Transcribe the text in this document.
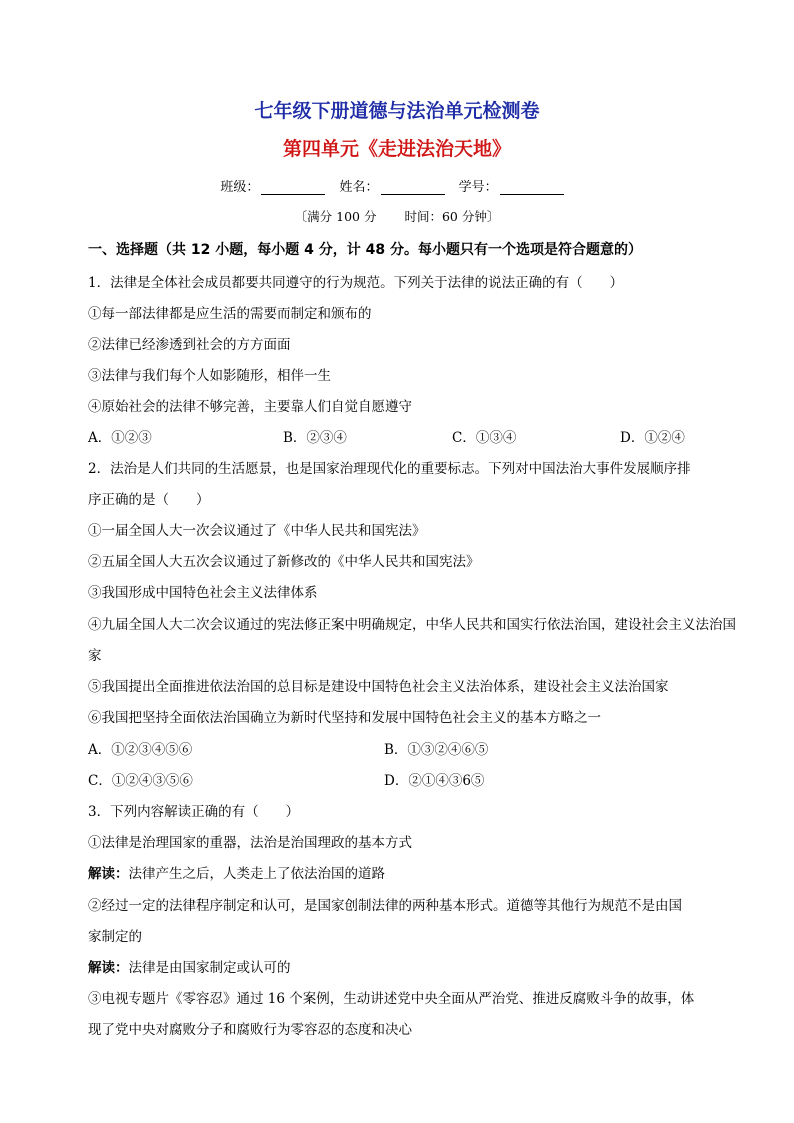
七年级下册道德与法治单元检测卷
第四单元《走进法治天地》
班级：	姓名：	学号：
〔满分 100 分 时间：60 分钟〕
一、选择题（共 12 小题，每小题 4 分，计 48 分。每小题只有一个选项是符合题意的）
1．法律是全体社会成员都要共同遵守的行为规范。下列关于法律的说法正确的有（　　）
①每一部法律都是应生活的需要而制定和颁布的
②法律已经渗透到社会的方方面面
③法律与我们每个人如影随形，相伴一生
④原始社会的法律不够完善，主要靠人们自觉自愿遵守
A．①②③	B．②③④	C．①③④	D．①②④
2．法治是人们共同的生活愿景，也是国家治理现代化的重要标志。下列对中国法治大事件发展顺序排
序正确的是（　　）
①一届全国人大一次会议通过了《中华人民共和国宪法》
②五届全国人大五次会议通过了新修改的《中华人民共和国宪法》
③我国形成中国特色社会主义法律体系
④九届全国人大二次会议通过的宪法修正案中明确规定，中华人民共和国实行依法治国，建设社会主义法治国
家
⑤我国提出全面推进依法治国的总目标是建设中国特色社会主义法治体系，建设社会主义法治国家
⑥我国把坚持全面依法治国确立为新时代坚持和发展中国特色社会主义的基本方略之一
A．①②③④⑤⑥	B．①③②④⑥⑤
C．①②④③⑤⑥	D．②①④③6⑤
3．下列内容解读正确的有（　　）
①法律是治理国家的重器，法治是治国理政的基本方式
解读：法律产生之后，人类走上了依法治国的道路
②经过一定的法律程序制定和认可，是国家创制法律的两种基本形式。道德等其他行为规范不是由国
家制定的
解读：法律是由国家制定或认可的
③电视专题片《零容忍》通过 16 个案例，生动讲述党中央全面从严治党、推进反腐败斗争的故事，体
现了党中央对腐败分子和腐败行为零容忍的态度和决心
